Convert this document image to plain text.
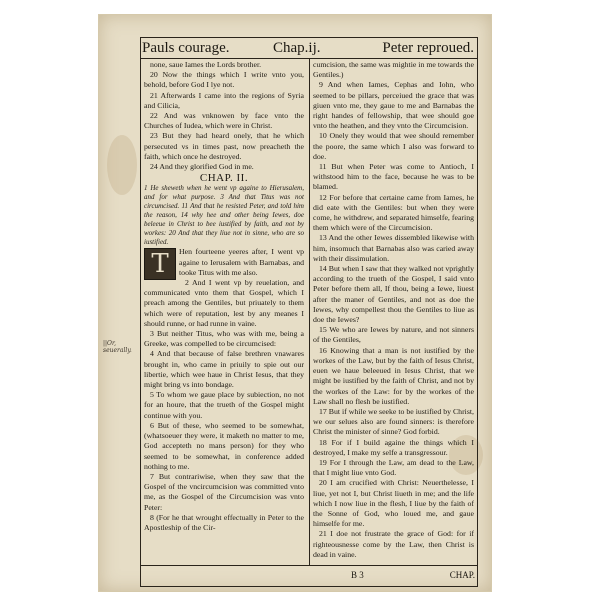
Pauls courage.	Chap.ij.	Peter reproued.
||Or, seuerally.

none, saue Iames the Lords brother.

20 Now the things which I write vnto you, behold, before God I lye not.

21 Afterwards I came into the regions of Syria and Cilicia,

22 And was vnknowen by face vnto the Churches of Iudea, which were in Christ.

23 But they had heard onely, that he which persecuted vs in times past, now preacheth the faith, which once he destroyed.

24 And they glorified God in me.

CHAP. II.

1 He sheweth when he went vp againe to Hierusalem, and for what purpose. 3 And that Titus was not circumcised. 11 And that he resisted Peter, and told him the reason, 14 why hee and other being Iewes, doe beleeue in Christ to bee iustified by faith, and not by workes: 20 And that they liue not in sinne, who are so iustified.

T	Hen fourteene yeeres after, I went vp againe to Ierusalem with Barnabas, and tooke Titus with me also.

2 And I went vp by reuelation, and communicated vnto them that Gospel, which I preach among the Gentiles, but priuately to them which were of reputation, lest by any meanes I should runne, or had runne in vaine.

3 But neither Titus, who was with me, being a Greeke, was compelled to be circumcised:

4 And that because of false brethren vnawares brought in, who came in priuily to spie out our libertie, which wee haue in Christ Iesus, that they might bring vs into bondage.

5 To whom we gaue place by subiection, no not for an houre, that the trueth of the Gospel might continue with you.

6 But of these, who seemed to be somewhat, (whatsoeuer they were, it maketh no matter to me, God accepteth no mans person) for they who seemed to be somewhat, in conference added nothing to me.

7 But contrariwise, when they saw that the Gospel of the vncircumcision was committed vnto me, as the Gospel of the Circumcision was vnto Peter:

8 (For he that wrought effectually in Peter to the Apostleship of the Cir-

cumcision, the same was mightie in me towards the Gentiles.)

9 And when Iames, Cephas and Iohn, who seemed to be pillars, perceiued the grace that was giuen vnto me, they gaue to me and Barnabas the right handes of fellowship, that wee should goe vnto the heathen, and they vnto the Circumcision.

10 Onely they would that wee should remember the poore, the same which I also was forward to doe.

11 But when Peter was come to Antioch, I withstood him to the face, because he was to be blamed.

12 For before that certaine came from Iames, he did eate with the Gentiles: but when they were come, he withdrew, and separated himselfe, fearing them which were of the Circumcision.

13 And the other Iewes dissembled likewise with him, insomuch that Barnabas also was caried away with their dissimulation.

14 But when I saw that they walked not vprightly according to the trueth of the Gospel, I said vnto Peter before them all, If thou, being a Iewe, liuest after the maner of Gentiles, and not as doe the Iewes, why compellest thou the Gentiles to liue as doe the Iewes?

15 We who are Iewes by nature, and not sinners of the Gentiles,

16 Knowing that a man is not iustified by the workes of the Law, but by the faith of Iesus Christ, euen we haue beleeued in Iesus Christ, that we might be iustified by the faith of Christ, and not by the workes of the Law: for by the workes of the Law shall no flesh be iustified.

17 But if while we seeke to be iustified by Christ, we our selues also are found sinners: is therefore Christ the minister of sinne? God forbid.

18 For if I build againe the things which I destroyed, I make my selfe a transgressour.

19 For I through the Law, am dead to the Law, that I might liue vnto God.

20 I am crucified with Christ: Neuerthelesse, I liue, yet not I, but Christ liueth in me; and the life which I now liue in the flesh, I liue by the faith of the Sonne of God, who loued me, and gaue himselfe for me.

21 I doe not frustrate the grace of God: for if righteousnesse come by the Law, then Christ is dead in vaine.

B 3	CHAP.
